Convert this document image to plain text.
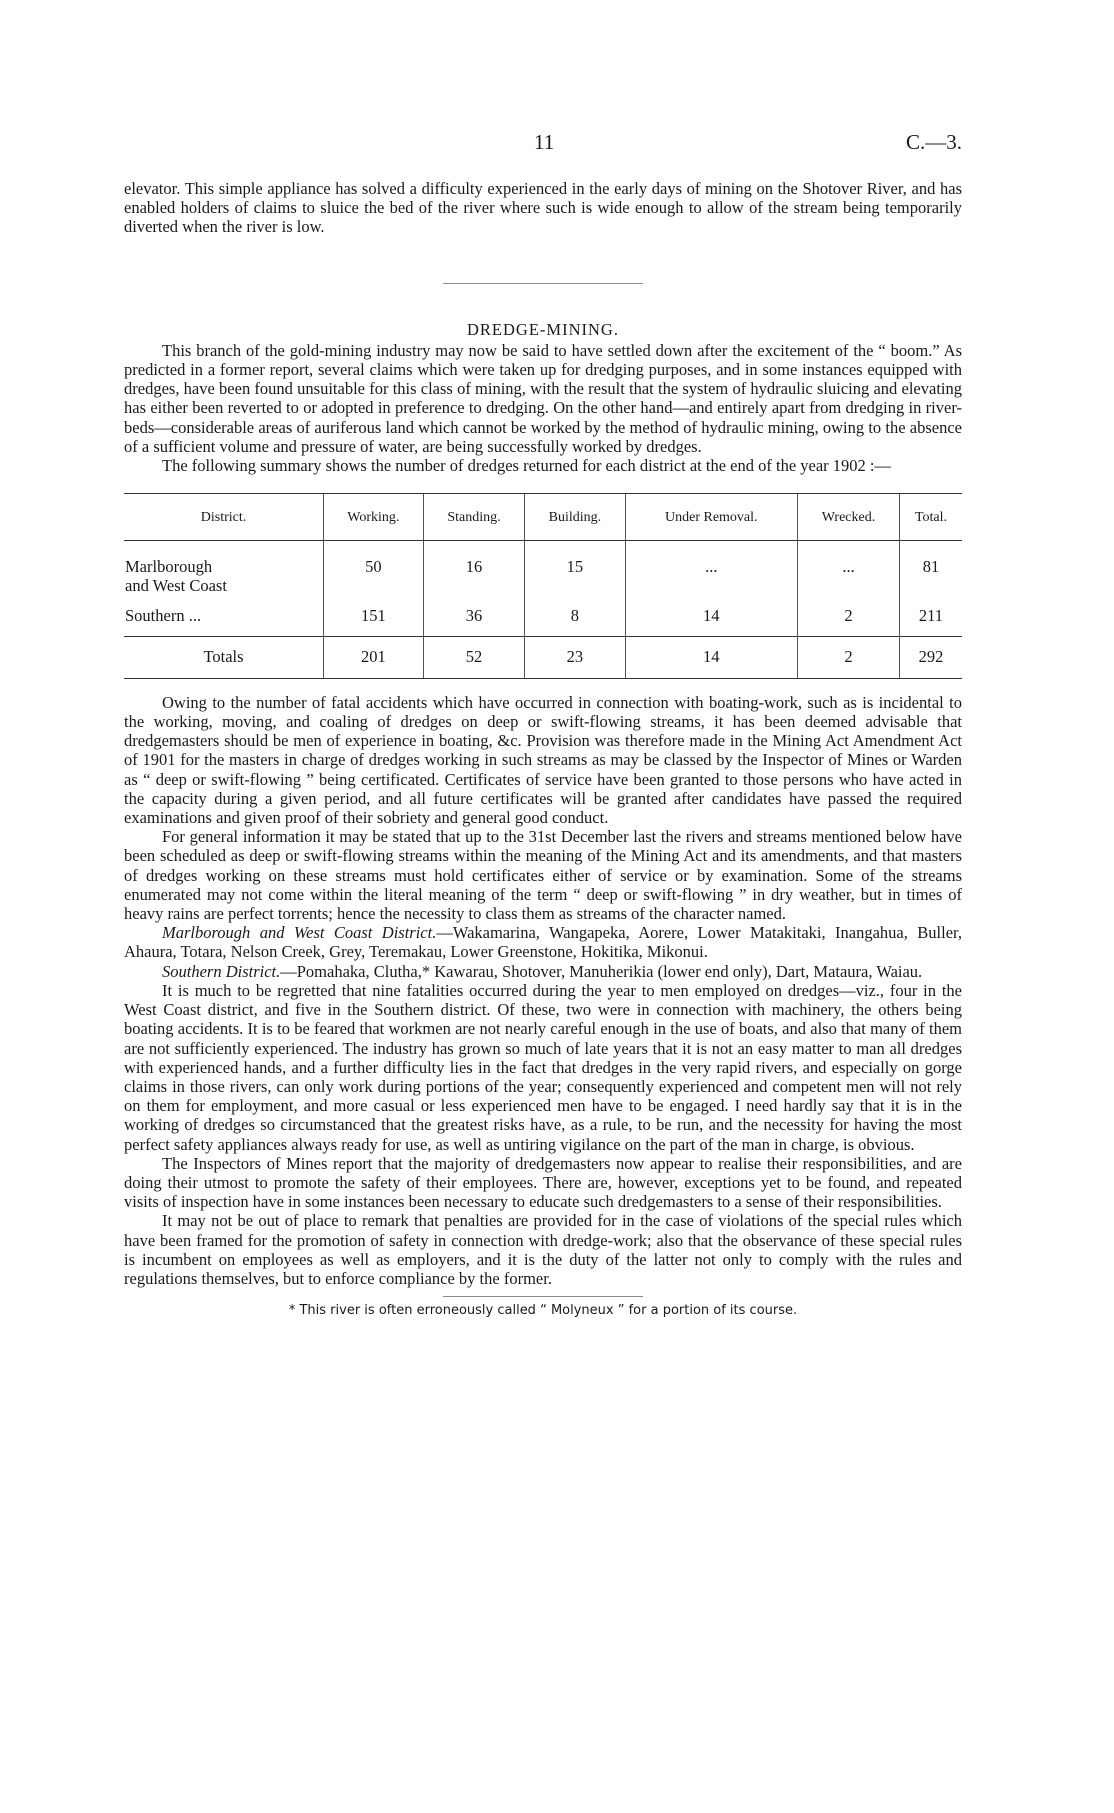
11	C.—3.

elevator. This simple appliance has solved a difficulty experienced in the early days of mining on the Shotover River, and has enabled holders of claims to sluice the bed of the river where such is wide enough to allow of the stream being temporarily diverted when the river is low.

DREDGE-MINING.

This branch of the gold-mining industry may now be said to have settled down after the excitement of the “ boom.” As predicted in a former report, several claims which were taken up for dredging purposes, and in some instances equipped with dredges, have been found unsuitable for this class of mining, with the result that the system of hydraulic sluicing and elevating has either been reverted to or adopted in preference to dredging. On the other hand—and entirely apart from dredging in river-beds—considerable areas of auriferous land which cannot be worked by the method of hydraulic mining, owing to the absence of a sufficient volume and pressure of water, are being successfully worked by dredges.

The following summary shows the number of dredges returned for each district at the end of the year 1902 :—

District.	Working.	Standing.	Building.	Under Removal.	Wrecked.	Total.
Marlborough and West Coast	50	16	15	...	...	81
Southern ...	151	36	8	14	2	211
Totals	201	52	23	14	2	292

Owing to the number of fatal accidents which have occurred in connection with boating-work, such as is incidental to the working, moving, and coaling of dredges on deep or swift-flowing streams, it has been deemed advisable that dredgemasters should be men of experience in boating, &c. Provision was therefore made in the Mining Act Amendment Act of 1901 for the masters in charge of dredges working in such streams as may be classed by the Inspector of Mines or Warden as “ deep or swift-flowing ” being certificated. Certificates of service have been granted to those persons who have acted in the capacity during a given period, and all future certificates will be granted after candidates have passed the required examinations and given proof of their sobriety and general good conduct.

For general information it may be stated that up to the 31st December last the rivers and streams mentioned below have been scheduled as deep or swift-flowing streams within the meaning of the Mining Act and its amendments, and that masters of dredges working on these streams must hold certificates either of service or by examination. Some of the streams enumerated may not come within the literal meaning of the term “ deep or swift-flowing ” in dry weather, but in times of heavy rains are perfect torrents; hence the necessity to class them as streams of the character named.

Marlborough and West Coast District.—Wakamarina, Wangapeka, Aorere, Lower Matakitaki, Inangahua, Buller, Ahaura, Totara, Nelson Creek, Grey, Teremakau, Lower Greenstone, Hokitika, Mikonui.

Southern District.—Pomahaka, Clutha,* Kawarau, Shotover, Manuherikia (lower end only), Dart, Mataura, Waiau.

It is much to be regretted that nine fatalities occurred during the year to men employed on dredges—viz., four in the West Coast district, and five in the Southern district. Of these, two were in connection with machinery, the others being boating accidents. It is to be feared that workmen are not nearly careful enough in the use of boats, and also that many of them are not sufficiently experienced. The industry has grown so much of late years that it is not an easy matter to man all dredges with experienced hands, and a further difficulty lies in the fact that dredges in the very rapid rivers, and especially on gorge claims in those rivers, can only work during portions of the year; consequently experienced and competent men will not rely on them for employment, and more casual or less experienced men have to be engaged. I need hardly say that it is in the working of dredges so circumstanced that the greatest risks have, as a rule, to be run, and the necessity for having the most perfect safety appliances always ready for use, as well as untiring vigilance on the part of the man in charge, is obvious.

The Inspectors of Mines report that the majority of dredgemasters now appear to realise their responsibilities, and are doing their utmost to promote the safety of their employees. There are, however, exceptions yet to be found, and repeated visits of inspection have in some instances been necessary to educate such dredgemasters to a sense of their responsibilities.

It may not be out of place to remark that penalties are provided for in the case of violations of the special rules which have been framed for the promotion of safety in connection with dredge-work; also that the observance of these special rules is incumbent on employees as well as employers, and it is the duty of the latter not only to comply with the rules and regulations themselves, but to enforce compliance by the former.

* This river is often erroneously called “ Molyneux ” for a portion of its course.
